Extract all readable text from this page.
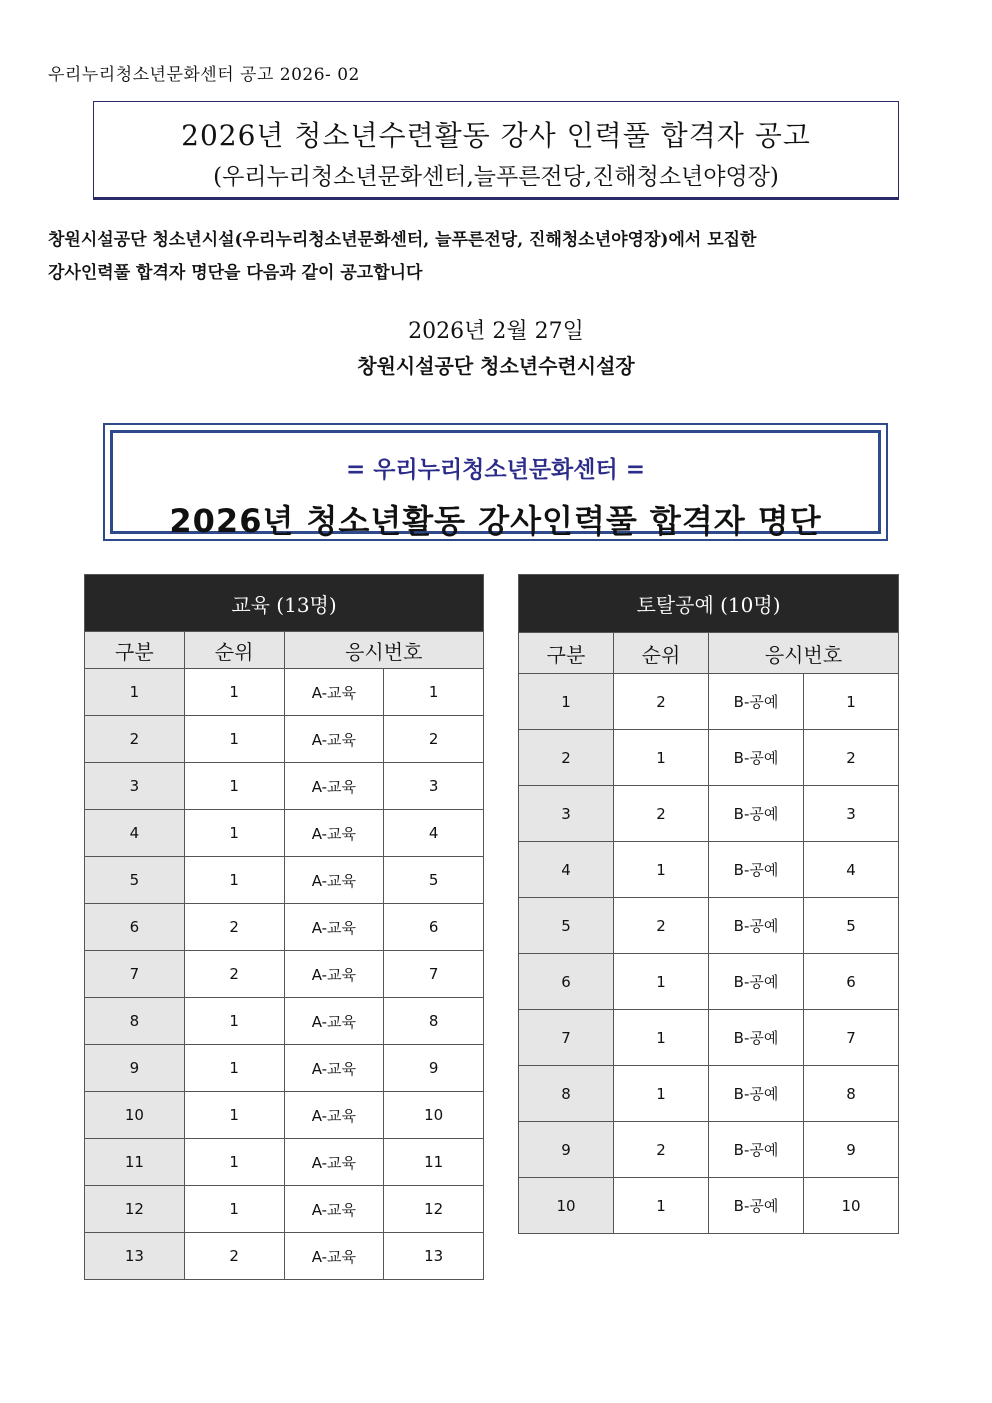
우리누리청소년문화센터 공고 2026- 02
2026년 청소년수련활동 강사 인력풀 합격자 공고
(우리누리청소년문화센터,늘푸른전당,진해청소년야영장)
창원시설공단 청소년시설(우리누리청소년문화센터, 늘푸른전당, 진해청소년야영장)에서 모집한
강사인력풀 합격자 명단을 다음과 같이 공고합니다
2026년 2월 27일
창원시설공단 청소년수련시설장
= 우리누리청소년문화센터 =
2026년 청소년활동 강사인력풀 합격자 명단
교육 (13명)			
구분	순위	응시번호	
1	1	A-교육	1
2	1	A-교육	2
3	1	A-교육	3
4	1	A-교육	4
5	1	A-교육	5
6	2	A-교육	6
7	2	A-교육	7
8	1	A-교육	8
9	1	A-교육	9
10	1	A-교육	10
11	1	A-교육	11
12	1	A-교육	12
13	2	A-교육	13
토탈공예 (10명)			
구분	순위	응시번호	
1	2	B-공예	1
2	1	B-공예	2
3	2	B-공예	3
4	1	B-공예	4
5	2	B-공예	5
6	1	B-공예	6
7	1	B-공예	7
8	1	B-공예	8
9	2	B-공예	9
10	1	B-공예	10
